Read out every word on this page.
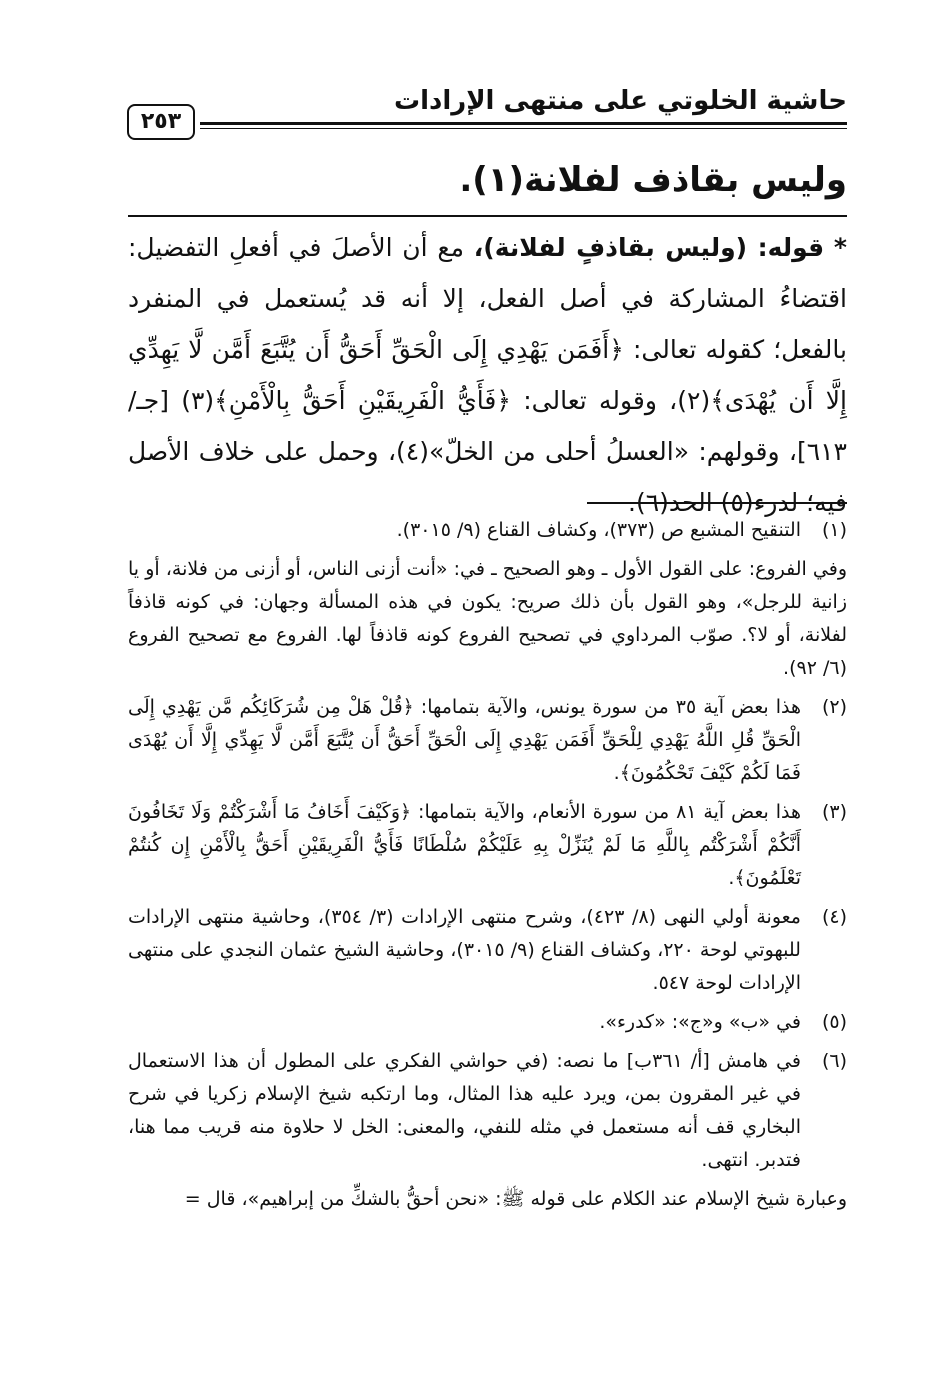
حاشية الخلوتي على منتهى الإرادات
٢٥٣
وليس بقاذف لفلانة(١).

* قوله: (وليس بقاذفٍ لفلانة)، مع أن الأصلَ في أفعلِ التفضيل: اقتضاءُ المشاركة في أصل الفعل، إلا أنه قد يُستعمل في المنفرد بالفعل؛ كقوله تعالى: ﴿أَفَمَن يَهْدِي إِلَى الْحَقِّ أَحَقُّ أَن يُتَّبَعَ أَمَّن لَّا يَهِدِّي إِلَّا أَن يُهْدَى﴾(٢)، وقوله تعالى: ﴿فَأَيُّ الْفَرِيقَيْنِ أَحَقُّ بِالْأَمْنِ﴾(٣) [جـ/ ٦١٣]، وقولهم: «العسلُ أحلى من الخلّ»(٤)، وحمل على خلاف الأصل فيه؛ لدرء(٥) الحد(٦).

(١)

التنقيح المشبع ص (٣٧٣)، وكشاف القناع (٩/ ٣٠١٥).

وفي الفروع: على القول الأول ـ وهو الصحيح ـ في: «أنت أزنى الناس، أو أزنى من فلانة، أو يا زانية للرجل»، وهو القول بأن ذلك صريح: يكون في هذه المسألة وجهان: في كونه قاذفاً لفلانة، أو لا؟. صوّب المرداوي في تصحيح الفروع كونه قاذفاً لها. الفروع مع تصحيح الفروع (٦/ ٩٢).

(٢)

هذا بعض آية ٣٥ من سورة يونس، والآية بتمامها: ﴿قُلْ هَلْ مِن شُرَكَائِكُم مَّن يَهْدِي إِلَى الْحَقِّ قُلِ اللَّهُ يَهْدِي لِلْحَقِّ أَفَمَن يَهْدِي إِلَى الْحَقِّ أَحَقُّ أَن يُتَّبَعَ أَمَّن لَّا يَهِدِّي إِلَّا أَن يُهْدَى فَمَا لَكُمْ كَيْفَ تَحْكُمُونَ﴾.

(٣)

هذا بعض آية ٨١ من سورة الأنعام، والآية بتمامها: ﴿وَكَيْفَ أَخَافُ مَا أَشْرَكْتُمْ وَلَا تَخَافُونَ أَنَّكُمْ أَشْرَكْتُم بِاللَّهِ مَا لَمْ يُنَزِّلْ بِهِ عَلَيْكُمْ سُلْطَانًا فَأَيُّ الْفَرِيقَيْنِ أَحَقُّ بِالْأَمْنِ إِن كُنتُمْ تَعْلَمُونَ﴾.

(٤)

معونة أولي النهى (٨/ ٤٢٣)، وشرح منتهى الإرادات (٣/ ٣٥٤)، وحاشية منتهى الإرادات للبهوتي لوحة ٢٢٠، وكشاف القناع (٩/ ٣٠١٥)، وحاشية الشيخ عثمان النجدي على منتهى الإرادات لوحة ٥٤٧.

(٥)

في «ب» و«ج»: «كدرء».

(٦)

في هامش [أ/ ٣٦١ب] ما نصه: (في حواشي الفكري على المطول أن هذا الاستعمال في غير المقرون بمن، ويرد عليه هذا المثال، وما ارتكبه شيخ الإسلام زكريا في شرح البخاري قف أنه مستعمل في مثله للنفي، والمعنى: الخل لا حلاوة منه قريب مما هنا، فتدبر. انتهى.

وعبارة شيخ الإسلام عند الكلام على قوله ﷺ: «نحن أحقُّ بالشكِّ من إبراهيم»، قال =
